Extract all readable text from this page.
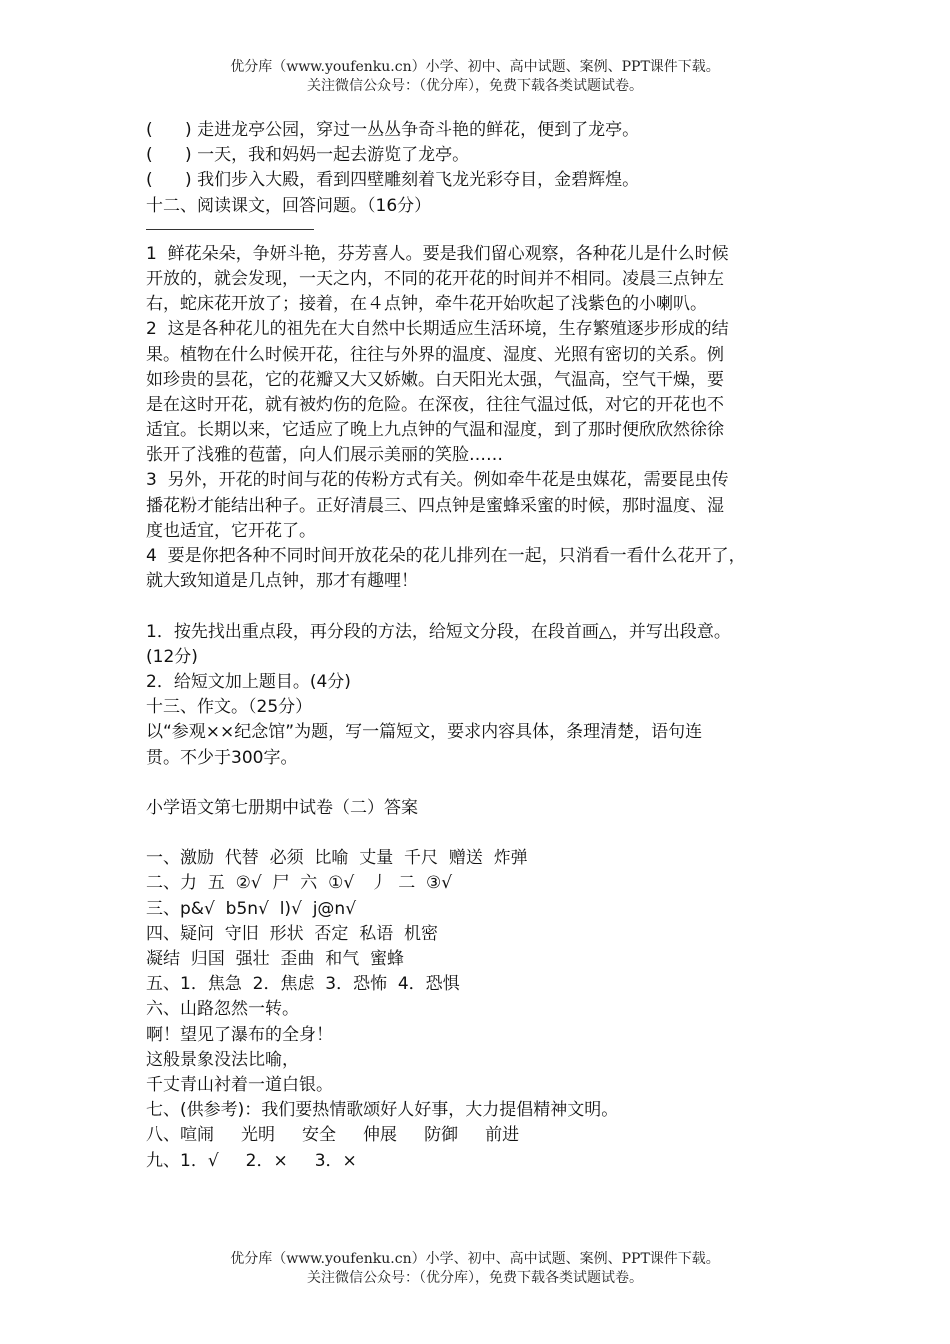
优分库（www.youfenku.cn）小学、初中、高中试题、案例、PPT课件下载。
关注微信公众号：（优分库），免费下载各类试题试卷。
(      ) 走进龙亭公园，穿过一丛丛争奇斗艳的鲜花，便到了龙亭。
(      ) 一天，我和妈妈一起去游览了龙亭。
(      ) 我们步入大殿，看到四壁雕刻着飞龙光彩夺目，金碧辉煌。
十二、阅读课文，回答问题。（16分）
1  鲜花朵朵，争妍斗艳，芬芳喜人。要是我们留心观察，各种花儿是什么时候
开放的，就会发现，一天之内，不同的花开花的时间并不相同。凌晨三点钟左
右，蛇床花开放了；接着，在４点钟，牵牛花开始吹起了浅紫色的小喇叭。
2  这是各种花儿的祖先在大自然中长期适应生活环境，生存繁殖逐步形成的结
果。植物在什么时候开花，往往与外界的温度、湿度、光照有密切的关系。例
如珍贵的昙花，它的花瓣又大又娇嫩。白天阳光太强，气温高，空气干燥，要
是在这时开花，就有被灼伤的危险。在深夜，往往气温过低，对它的开花也不
适宜。长期以来，它适应了晚上九点钟的气温和湿度，到了那时便欣欣然徐徐
张开了浅雅的苞蕾，向人们展示美丽的笑脸……
3  另外，开花的时间与花的传粉方式有关。例如牵牛花是虫媒花，需要昆虫传
播花粉才能结出种子。正好清晨三、四点钟是蜜蜂采蜜的时候，那时温度、湿
度也适宜，它开花了。
4  要是你把各种不同时间开放花朵的花儿排列在一起，只消看一看什么花开了，
就大致知道是几点钟，那才有趣哩！
1．按先找出重点段，再分段的方法，给短文分段，在段首画△，并写出段意。
(12分)
2．给短文加上题目。(4分)
十三、作文。（25分）
以“参观××纪念馆”为题，写一篇短文，要求内容具体，条理清楚，语句连
贯。不少于300字。
小学语文第七册期中试卷（二）答案
一、激励  代替  必须  比喻  丈量  千尺  赠送  炸弹
二、力  五  ②√  尸  六  ①√   丿  二  ③√
三、p&√  b5n√  l)√  j@n√
四、疑问  守旧  形状  否定  私语  机密
凝结  归国  强壮  歪曲  和气  蜜蜂
五、1．焦急  2．焦虑  3．恐怖  4．恐惧
六、山路忽然一转。
啊！望见了瀑布的全身！
这般景象没法比喻，
千丈青山衬着一道白银。
七、(供参考)：我们要热情歌颂好人好事，大力提倡精神文明。
八、喧闹     光明     安全     伸展     防御     前进
九、1．√     2．×     3．×
优分库（www.youfenku.cn）小学、初中、高中试题、案例、PPT课件下载。
关注微信公众号：（优分库），免费下载各类试题试卷。
